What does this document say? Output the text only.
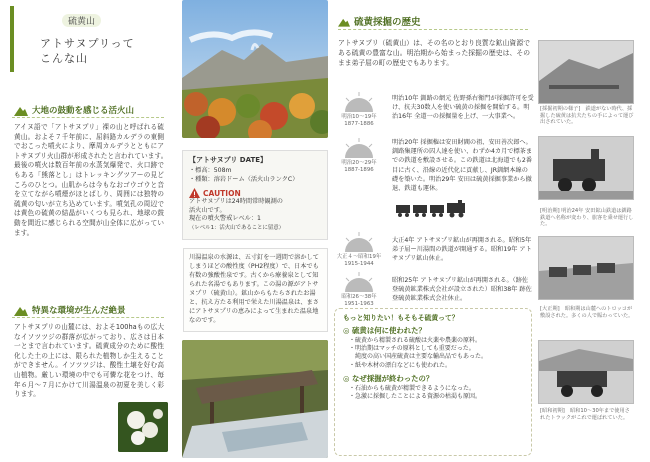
硫黄山
アトサヌプリって
こんな山
大地の鼓動を感じる活火山
アイヌ語で「アトサヌプリ」裸の山と呼ばれる硫黄山。およそ７千年前に、屈斜路カルデラの東側でおこった噴火により、摩周カルデラとともにアトサヌプリ火山群が形成されたと言われています。　最後の噴火は数百年前の水蒸気爆発で、火口跡でもある「熊落とし」はトレッキングツアーの見どころのひとつ。山肌からは今もなおゴウゴウと音を立てながら噴煙がほとばしり、周囲には独特の硫黄の匂いが立ち込めています。噴気孔の周辺では黄色の硫黄の結晶がいくつも見られ、地球の鼓動を間近に感じられる空間が山全体に広がっています。
特異な環境が生んだ絶景
アトサヌプリの山麓には、およそ100haもの広大なイソツツジの群落が広がっており、広さは日本一とまで言われています。硫黄成分のために酸性化した土の上には、限られた植物しか生えることができません。イソツツジは、酸性土壌を好む高山植物。厳しい環境の中でも可憐な花をつけ、毎年６月〜７月にかけて川湯温泉の初夏を美しく彩ります。
【アトサヌプリ DATE】
・標高：508m
・種類：溶岩ドーム（活火山ランクC）
CAUTION
アトサヌプリは24時間常時観測の
活火山です。
現在の噴火警戒レベル：1
（レベル1：活火山であることに留意）
川湯温泉の水源は、五寸釘を一週間で溶かしてしまうほどの酸性度（PH2程度）で、日本でも有数の強酸性泉です。古くから療養泉として知られた名湯でもあります。この湯の源がアトサヌプリ（硫黄山）。鉱山からもたらされたお湯と、抗え方たる利用で栄えた川湯温泉は、まさにアトサヌプリの恵みによって生まれた温泉地なのです。
硫黄採掘の歴史
アトサヌプリ（硫黄山）は、その名のとおり良質な鉱山資源である硫黄の豊富な山。明治期から始まった採掘の歴史は、そのまま弟子屈の町の歴史でもあります。
明治10〜19年
1877-1886
明治10年 釧路の網元 佐野孫右衛門が採掘許可を受け、抗夫30数人を使い硫黄の採掘を開始する。明治16年 全道一の採掘量を上げ、一大事業へ。
明治20〜29年
1887-1896
明治20年 採掘権は安田財閥の祖、安田善次郎へ。釧路集運所の囚人達を使い、わずか4カ月で標茶までの鉄道を敷設させる。この鉄道は北海道でも2番目に古く、沿線の近代化に貢献し、JR釧網本線の礎を築いた。明治29年 安田は硫黄採掘事業から撤退、鉄道も運休。
大正４〜昭和19年
1915-1944
大正4年 アトサヌプリ鉱山が再開される。昭和5年 弟子屈ー川湯間の鉄道が開通する。昭和19年 アトサヌプリ鉱山休止。
昭和26〜38年
1951-1963
昭和25年 アトサヌプリ鉱山が再開される。（跡佐登硫黄鉱業株式会社が設立された）昭和38年 跡佐登硫黄鉱業株式会社休止。
もっと知りたい！もそもそ硫黄って？
◎ 硫黄は何に使われた？
・硫黄から精製される硫酸は火薬や農薬の原料。
・明治期はマッチの原料としても重要だった。
　純度の高い国産硫黄は主要な輸出品でもあった。
・紙や木材の漂白などにも使われた。
◎ なぜ採掘が終わったの？
・石油からも硫黄が精製できるようになった。
・急激に採掘したことによる資源の枯渇も原因。
[採掘初期の様子]　鉄道がない時代、採掘した硫黄は抗夫たちの手によって運び出されていた。
[明治期] 明治24年 安田鉱山鉄道は釧路鉄道へ名称が変わり、旅客を乗せ運行した。
[大正期]　昭和期は山麓へのトロッコが敷設された。多くの人で賑わっていた。
[昭和初期]　昭和10〜30年まで使用されたトラックがこれで運ばれていた。
